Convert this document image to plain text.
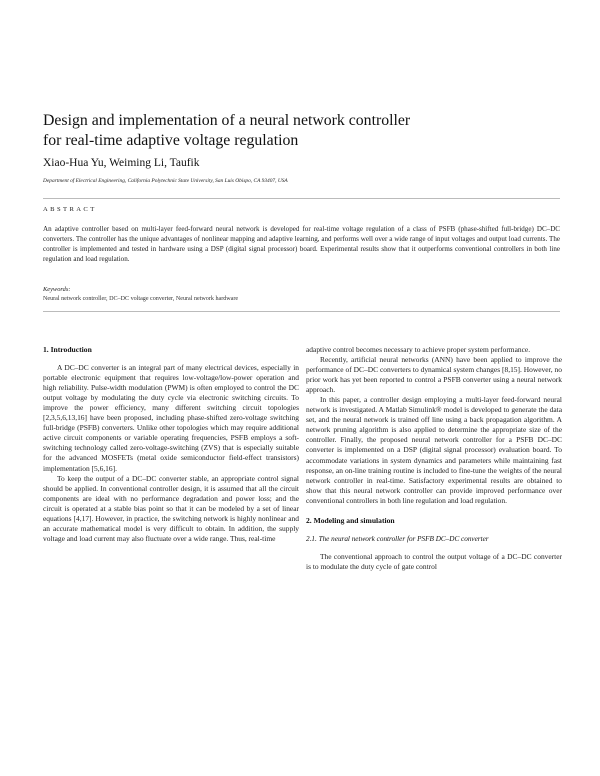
Design and implementation of a neural network controller
for real-time adaptive voltage regulation
Xiao-Hua Yu, Weiming Li, Taufik
Department of Electrical Engineering, California Polytechnic State University, San Luis Obispo, CA 93407, USA
ABSTRACT
An adaptive controller based on multi-layer feed-forward neural network is developed for real-time voltage regulation of a class of PSFB (phase-shifted full-bridge) DC–DC converters. The controller has the unique advantages of nonlinear mapping and adaptive learning, and performs well over a wide range of input voltages and output load currents. The controller is implemented and tested in hardware using a DSP (digital signal processor) board. Experimental results show that it outperforms conventional controllers in both line regulation and load regulation.
Keywords:
Neural network controller, DC–DC voltage converter, Neural network hardware
1. Introduction

A DC–DC converter is an integral part of many electrical devices, especially in portable electronic equipment that requires low-voltage/low-power operation and high reliability. Pulse-width modulation (PWM) is often employed to control the DC output voltage by modulating the duty cycle via electronic switching circuits. To improve the power efficiency, many different switching circuit topologies [2,3,5,6,13,16] have been proposed, including phase-shifted zero-voltage switching full-bridge (PSFB) converters. Unlike other topologies which may require additional active circuit components or variable operating frequencies, PSFB employs a soft-switching technology called zero-voltage-switching (ZVS) that is especially suitable for the advanced MOSFETs (metal oxide semiconductor field-effect transistors) implementation [5,6,16].

To keep the output of a DC–DC converter stable, an appropriate control signal should be applied. In conventional controller design, it is assumed that all the circuit components are ideal with no performance degradation and power loss; and the circuit is operated at a stable bias point so that it can be modeled by a set of linear equations [4,17]. However, in practice, the switching network is highly nonlinear and an accurate mathematical model is very difficult to obtain. In addition, the supply voltage and load current may also fluctuate over a wide range. Thus, real-time

adaptive control becomes necessary to achieve proper system performance.

Recently, artificial neural networks (ANN) have been applied to improve the performance of DC–DC converters to dynamical system changes [8,15]. However, no prior work has yet been reported to control a PSFB converter using a neural network approach.

In this paper, a controller design employing a multi-layer feed-forward neural network is investigated. A Matlab Simulink® model is developed to generate the data set, and the neural network is trained off line using a back propagation algorithm. A network pruning algorithm is also applied to determine the appropriate size of the controller. Finally, the proposed neural network controller for a PSFB DC–DC converter is implemented on a DSP (digital signal processor) evaluation board. To accommodate variations in system dynamics and parameters while maintaining fast response, an on-line training routine is included to fine-tune the weights of the neural network controller in real-time. Satisfactory experimental results are obtained to show that this neural network controller can provide improved performance over conventional controllers in both line regulation and load regulation.

2. Modeling and simulation
2.1. The neural network controller for PSFB DC–DC converter

The conventional approach to control the output voltage of a DC–DC converter is to modulate the duty cycle of gate control
